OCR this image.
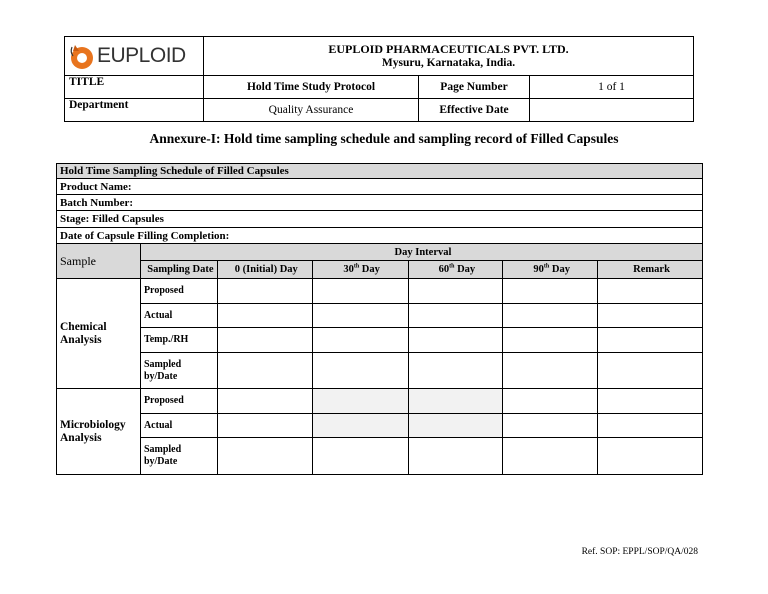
EUPLOID	EUPLOID PHARMACEUTICALS PVT. LTD.
Mysuru, Karnataka, India.		

TITLE	Hold Time Study Protocol	Page Number	1 of 1
Department	Quality Assurance	Effective Date	
Annexure-I: Hold time sampling schedule and sampling record of Filled Capsules
Hold Time Sampling Schedule of Filled Capsules						
Product Name:						
Batch Number:						
Stage: Filled Capsules						
Date of Capsule Filling Completion:						
Sample	Day Interval					
	Sampling Date	0 (Initial) Day	30th Day	60th Day	90th Day	Remark
Chemical Analysis	Proposed					
	Actual					
	Temp./RH					
	Sampled by/Date					
Microbiology Analysis	Proposed					
	Actual					
	Sampled by/Date					
Ref. SOP: EPPL/SOP/QA/028
